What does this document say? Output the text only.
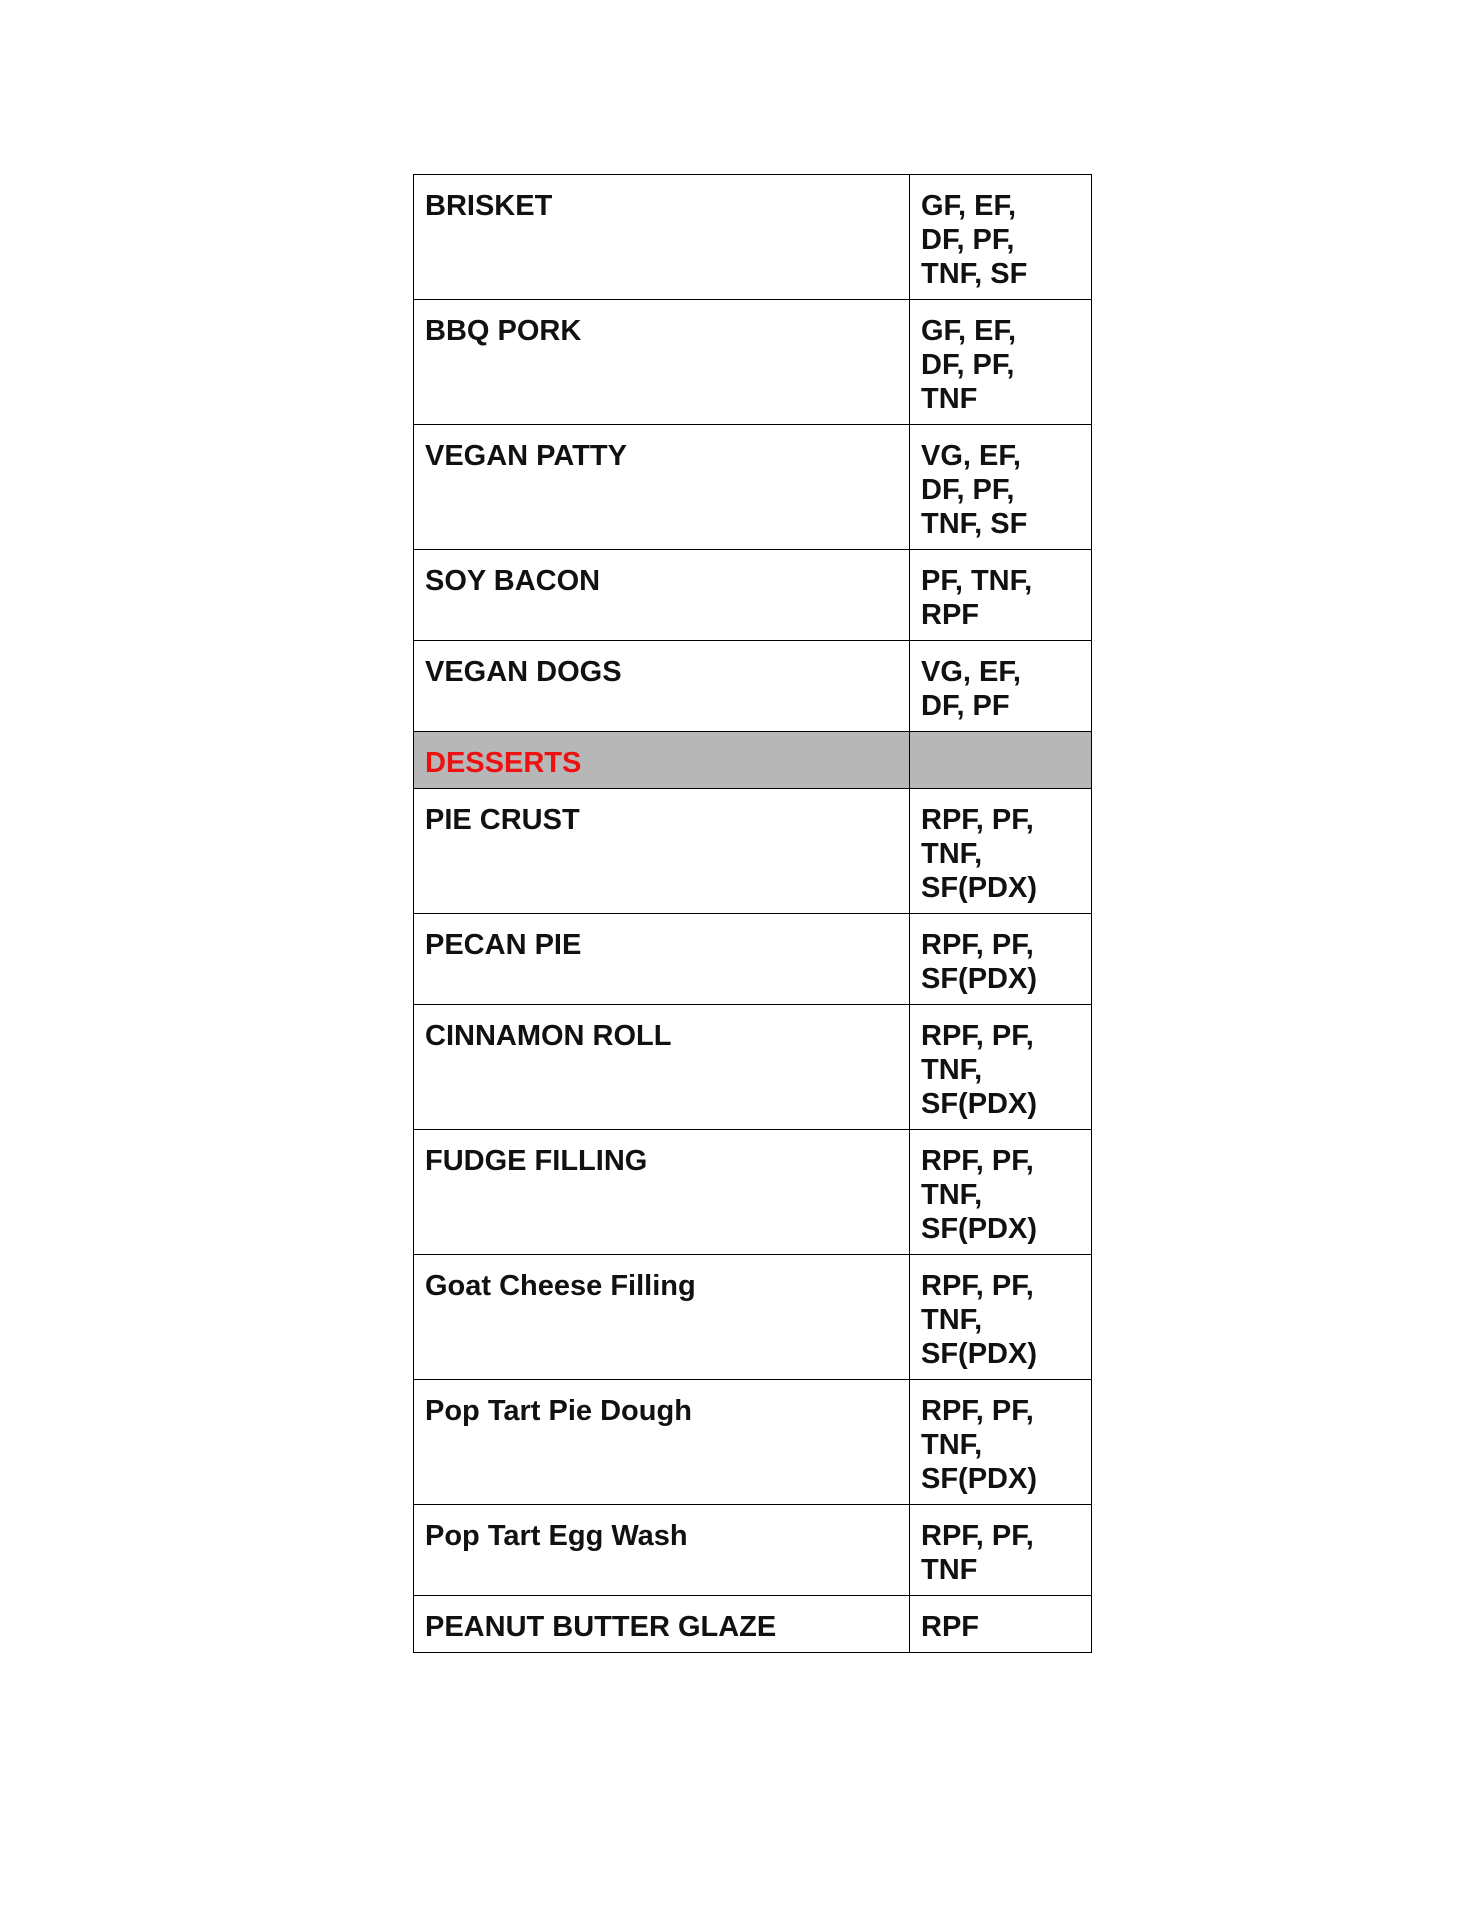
BRISKET	GF, EF,
DF, PF,
TNF, SF
BBQ PORK	GF, EF,
DF, PF,
TNF
VEGAN PATTY	VG, EF,
DF, PF,
TNF, SF
SOY BACON	PF, TNF,
RPF
VEGAN DOGS	VG, EF,
DF, PF
DESSERTS	
PIE CRUST	RPF, PF,
TNF,
SF(PDX)
PECAN PIE	RPF, PF,
SF(PDX)
CINNAMON ROLL	RPF, PF,
TNF,
SF(PDX)
FUDGE FILLING	RPF, PF,
TNF,
SF(PDX)
Goat Cheese Filling	RPF, PF,
TNF,
SF(PDX)
Pop Tart Pie Dough	RPF, PF,
TNF,
SF(PDX)
Pop Tart Egg Wash	RPF, PF,
TNF
PEANUT BUTTER GLAZE	RPF
